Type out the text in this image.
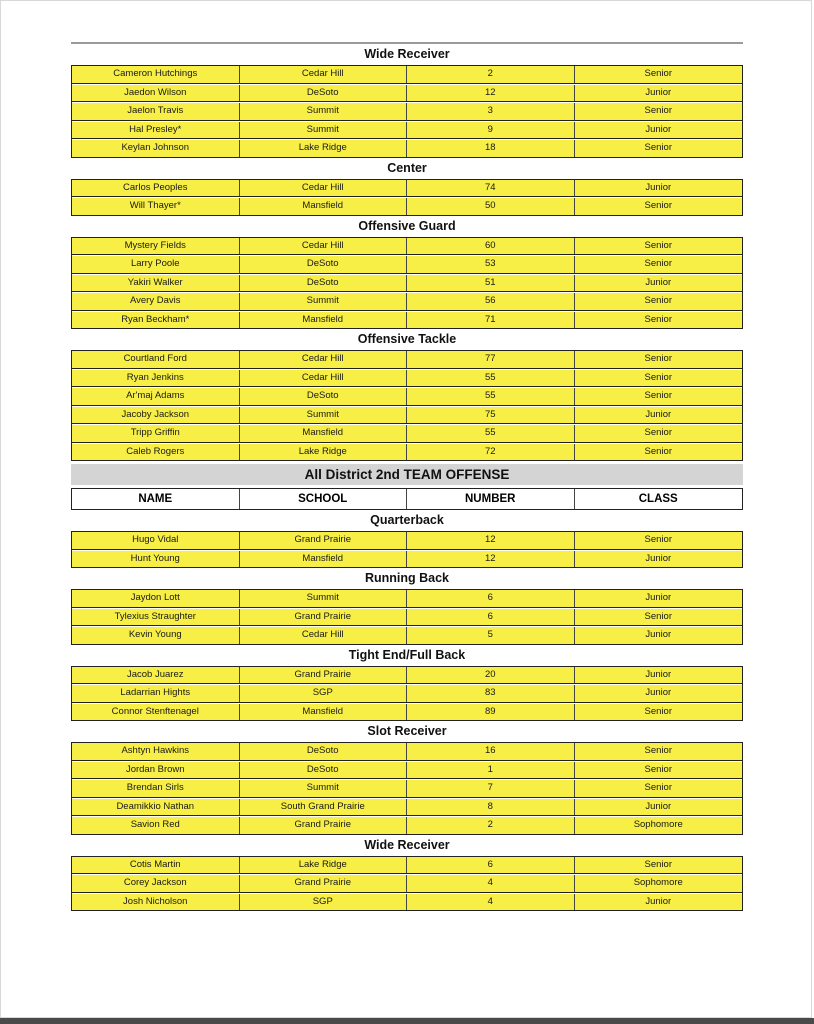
Wide Receiver
Cameron Hutchings	Cedar Hill	2	Senior
Jaedon Wilson	DeSoto	12	Junior
Jaelon Travis	Summit	3	Senior
Hal Presley*	Summit	9	Junior
Keylan Johnson	Lake Ridge	18	Senior
Center
Carlos Peoples	Cedar Hill	74	Junior
Will Thayer*	Mansfield	50	Senior
Offensive Guard
Mystery Fields	Cedar Hill	60	Senior
Larry Poole	DeSoto	53	Senior
Yakiri Walker	DeSoto	51	Junior
Avery Davis	Summit	56	Senior
Ryan Beckham*	Mansfield	71	Senior
Offensive Tackle
Courtland Ford	Cedar Hill	77	Senior
Ryan Jenkins	Cedar Hill	55	Senior
Ar'maj Adams	DeSoto	55	Senior
Jacoby Jackson	Summit	75	Junior
Tripp Griffin	Mansfield	55	Senior
Caleb Rogers	Lake Ridge	72	Senior
All District 2nd TEAM OFFENSE
NAME	SCHOOL	NUMBER	CLASS
Quarterback
Hugo Vidal	Grand Prairie	12	Senior
Hunt Young	Mansfield	12	Junior
Running Back
Jaydon Lott	Summit	6	Junior
Tylexius Straughter	Grand Prairie	6	Senior
Kevin Young	Cedar Hill	5	Junior
Tight End/Full Back
Jacob Juarez	Grand Prairie	20	Junior
Ladarrian Hights	SGP	83	Junior
Connor Stenftenagel	Mansfield	89	Senior
Slot Receiver
Ashtyn Hawkins	DeSoto	16	Senior
Jordan Brown	DeSoto	1	Senior
Brendan Sirls	Summit	7	Senior
Deamikkio Nathan	South Grand Prairie	8	Junior
Savion Red	Grand Prairie	2	Sophomore
Wide Receiver
Cotis Martin	Lake Ridge	6	Senior
Corey Jackson	Grand Prairie	4	Sophomore
Josh Nicholson	SGP	4	Junior
